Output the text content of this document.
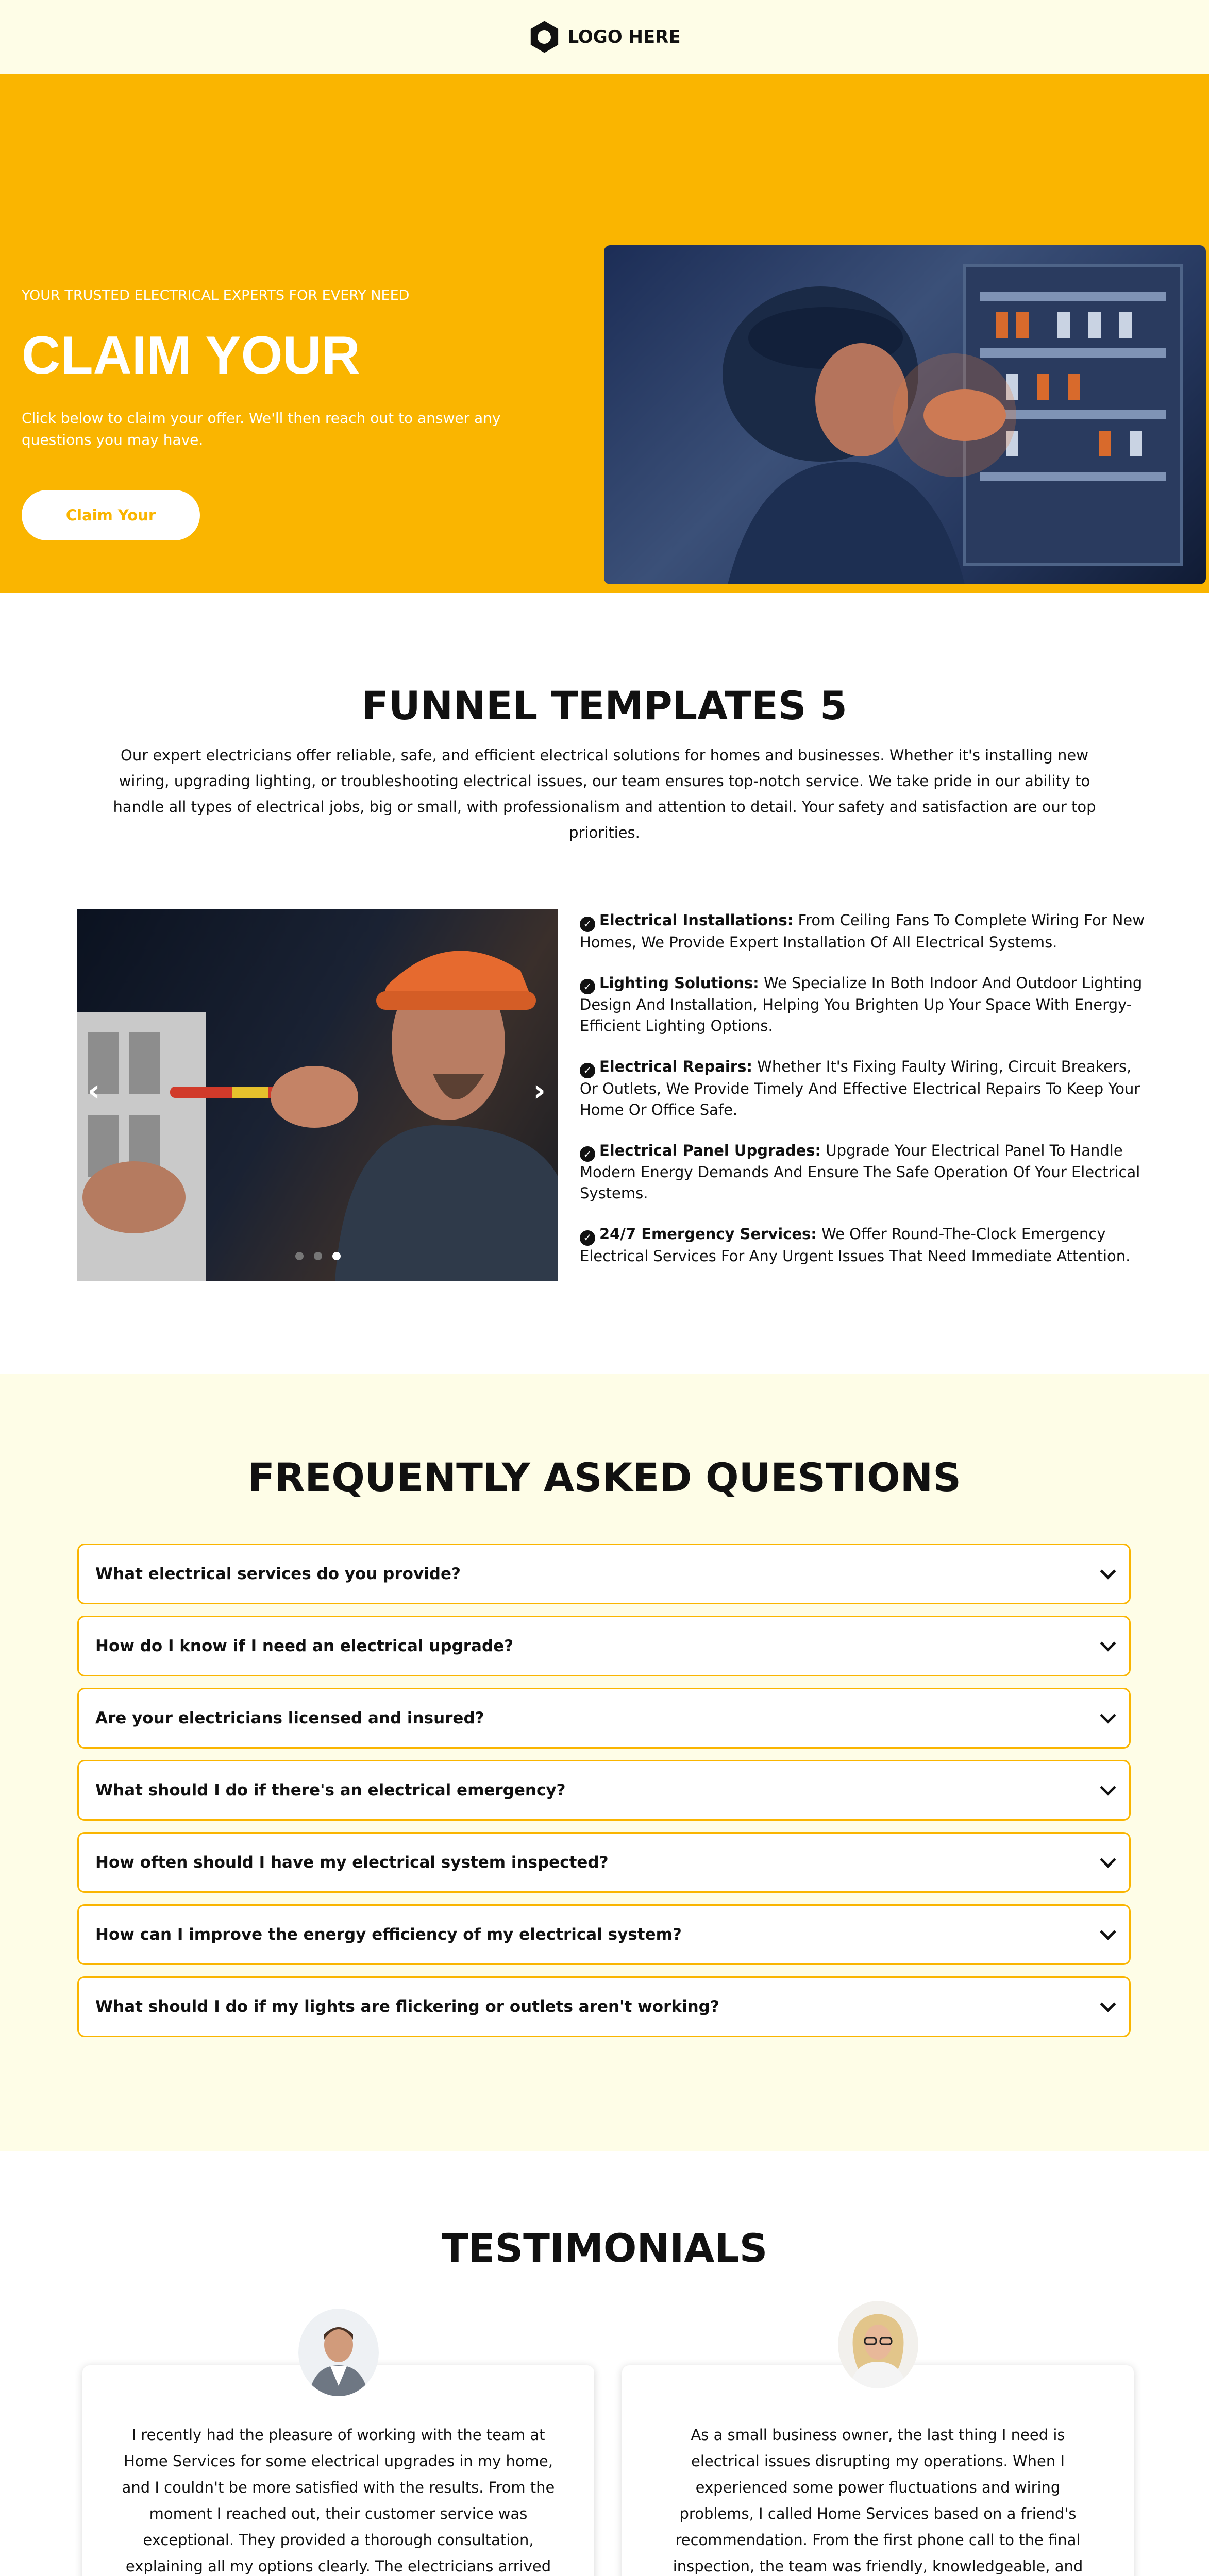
LOGO HERE
YOUR TRUSTED ELECTRICAL EXPERTS FOR EVERY NEED
CLAIM YOUR
Click below to claim your offer. We'll then reach out to answer any questions you may have.
Claim Your
FUNNEL TEMPLATES 5
Our expert electricians offer reliable, safe, and efficient electrical solutions for homes and businesses. Whether it's installing new wiring, upgrading lighting, or troubleshooting electrical issues, our team ensures top-notch service. We take pride in our ability to handle all types of electrical jobs, big or small, with professionalism and attention to detail. Your safety and satisfaction are our top priorities.
‹	›
✓ Electrical Installations: From Ceiling Fans To Complete Wiring For New Homes, We Provide Expert Installation Of All Electrical Systems.
✓ Lighting Solutions: We Specialize In Both Indoor And Outdoor Lighting Design And Installation, Helping You Brighten Up Your Space With Energy-Efficient Lighting Options.
✓ Electrical Repairs: Whether It's Fixing Faulty Wiring, Circuit Breakers, Or Outlets, We Provide Timely And Effective Electrical Repairs To Keep Your Home Or Office Safe.
✓ Electrical Panel Upgrades: Upgrade Your Electrical Panel To Handle Modern Energy Demands And Ensure The Safe Operation Of Your Electrical Systems.
✓ 24/7 Emergency Services: We Offer Round-The-Clock Emergency Electrical Services For Any Urgent Issues That Need Immediate Attention.
FREQUENTLY ASKED QUESTIONS
What electrical services do you provide?
How do I know if I need an electrical upgrade?
Are your electricians licensed and insured?
What should I do if there's an electrical emergency?
How often should I have my electrical system inspected?
How can I improve the energy efficiency of my electrical system?
What should I do if my lights are flickering or outlets aren't working?
TESTIMONIALS

I recently had the pleasure of working with the team at Home Services for some electrical upgrades in my home, and I couldn't be more satisfied with the results. From the moment I reached out, their customer service was exceptional. They provided a thorough consultation, explaining all my options clearly. The electricians arrived

As a small business owner, the last thing I need is electrical issues disrupting my operations. When I experienced some power fluctuations and wiring problems, I called Home Services based on a friend's recommendation. From the first phone call to the final inspection, the team was friendly, knowledgeable, and
